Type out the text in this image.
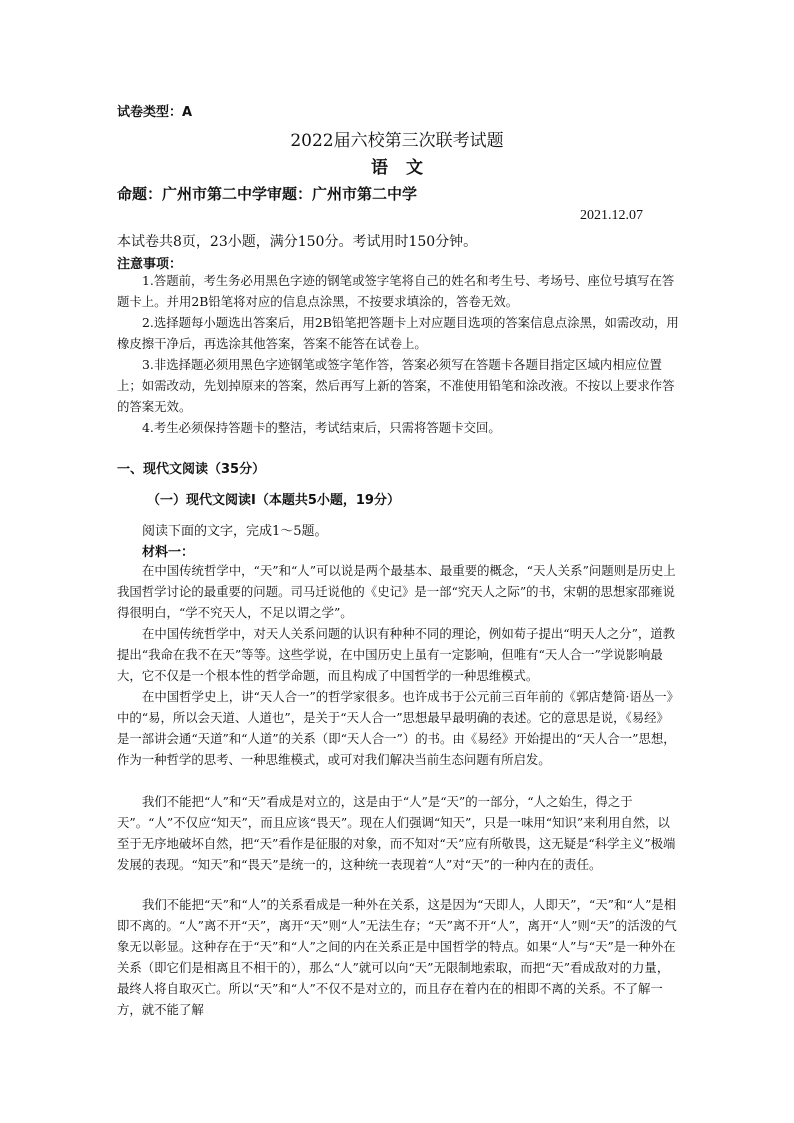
试卷类型：A
2022届六校第三次联考试题
语文
命题：广州市第二中学审题：广州市第二中学
2021.12.07
本试卷共8页，23小题，满分150分。考试用时150分钟。
注意事项：
1.答题前，考生务必用黑色字迹的钢笔或签字笔将自己的姓名和考生号、考场号、座位号填写在答题卡上。并用2B铅笔将对应的信息点涂黑，不按要求填涂的，答卷无效。
2.选择题每小题选出答案后，用2B铅笔把答题卡上对应题目选项的答案信息点涂黑，如需改动，用橡皮擦干净后，再选涂其他答案，答案不能答在试卷上。
3.非选择题必须用黑色字迹钢笔或签字笔作答，答案必须写在答题卡各题目指定区域内相应位置上；如需改动，先划掉原来的答案，然后再写上新的答案，不准使用铅笔和涂改液。不按以上要求作答的答案无效。
4.考生必须保持答题卡的整洁，考试结束后，只需将答题卡交回。
一、现代文阅读（35分）
（一）现代文阅读Ⅰ（本题共5小题，19分）
阅读下面的文字，完成1～5题。
材料一：
在中国传统哲学中，“天”和“人”可以说是两个最基本、最重要的概念，“天人关系”问题则是历史上我国哲学讨论的最重要的问题。司马迁说他的《史记》是一部“究天人之际”的书，宋朝的思想家邵雍说得很明白，“学不究天人，不足以谓之学”。
在中国传统哲学中，对天人关系问题的认识有种种不同的理论，例如荀子提出“明天人之分”，道教提出“我命在我不在天”等等。这些学说，在中国历史上虽有一定影响，但唯有“天人合一”学说影响最大，它不仅是一个根本性的哲学命题，而且构成了中国哲学的一种思维模式。
在中国哲学史上，讲“天人合一”的哲学家很多。也许成书于公元前三百年前的《郭店楚简·语丛一》中的“易，所以会天道、人道也”，是关于“天人合一”思想最早最明确的表述。它的意思是说，《易经》是一部讲会通“天道”和“人道”的关系（即“天人合一”）的书。由《易经》开始提出的“天人合一”思想，作为一种哲学的思考、一种思维模式，或可对我们解决当前生态问题有所启发。
我们不能把“人”和“天”看成是对立的，这是由于“人”是“天”的一部分，“人之始生，得之于天”。“人”不仅应“知天”，而且应该“畏天”。现在人们强调“知天”，只是一味用“知识”来利用自然，以至于无序地破坏自然，把“天”看作是征服的对象，而不知对“天”应有所敬畏，这无疑是“科学主义”极端发展的表现。“知天”和“畏天”是统一的，这种统一表现着“人”对“天”的一种内在的责任。
我们不能把“天”和“人”的关系看成是一种外在关系，这是因为“天即人，人即天”，“天”和“人”是相即不离的。“人”离不开“天”，离开“天”则“人”无法生存；“天”离不开“人”，离开“人”则“天”的活泼的气象无以彰显。这种存在于“天”和“人”之间的内在关系正是中国哲学的特点。如果“人”与“天”是一种外在关系（即它们是相离且不相干的），那么“人”就可以向“天”无限制地索取，而把“天”看成敌对的力量，最终人将自取灭亡。所以“天”和“人”不仅不是对立的，而且存在着内在的相即不离的关系。不了解一方，就不能了解
